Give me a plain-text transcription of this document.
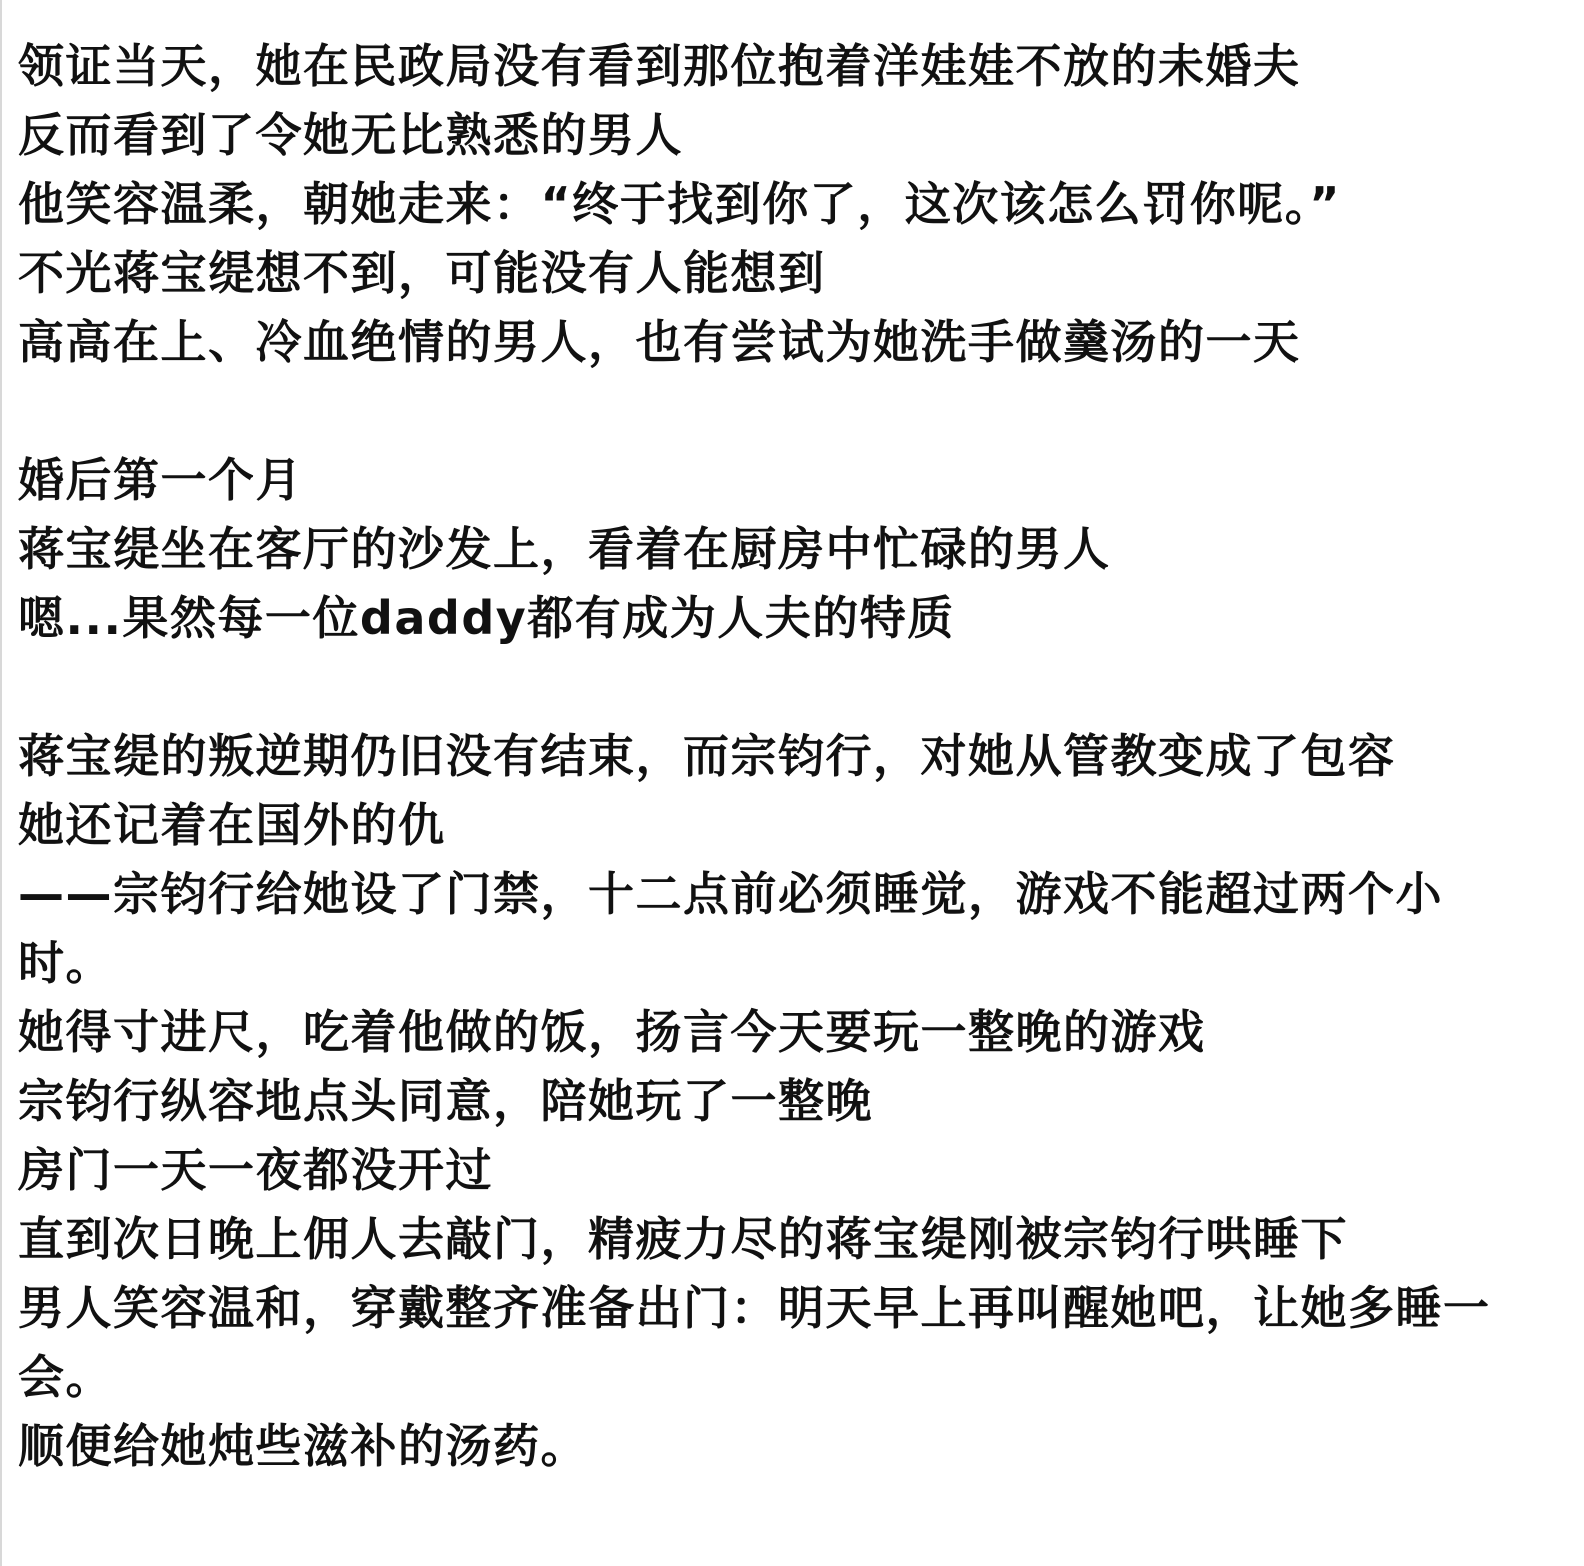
领证当天，她在民政局没有看到那位抱着洋娃娃不放的未婚夫
反而看到了令她无比熟悉的男人
他笑容温柔，朝她走来：“终于找到你了，这次该怎么罚你呢。”
不光蒋宝缇想不到，可能没有人能想到
高高在上、冷血绝情的男人，也有尝试为她洗手做羹汤的一天
婚后第一个月
蒋宝缇坐在客厅的沙发上，看着在厨房中忙碌的男人
嗯...果然每一位daddy都有成为人夫的特质
蒋宝缇的叛逆期仍旧没有结束，而宗钧行，对她从管教变成了包容
她还记着在国外的仇
——宗钧行给她设了门禁，十二点前必须睡觉，游戏不能超过两个小
时。
她得寸进尺，吃着他做的饭，扬言今天要玩一整晚的游戏
宗钧行纵容地点头同意，陪她玩了一整晚
房门一天一夜都没开过
直到次日晚上佣人去敲门，精疲力尽的蒋宝缇刚被宗钧行哄睡下
男人笑容温和，穿戴整齐准备出门：明天早上再叫醒她吧，让她多睡一
会。
顺便给她炖些滋补的汤药。
